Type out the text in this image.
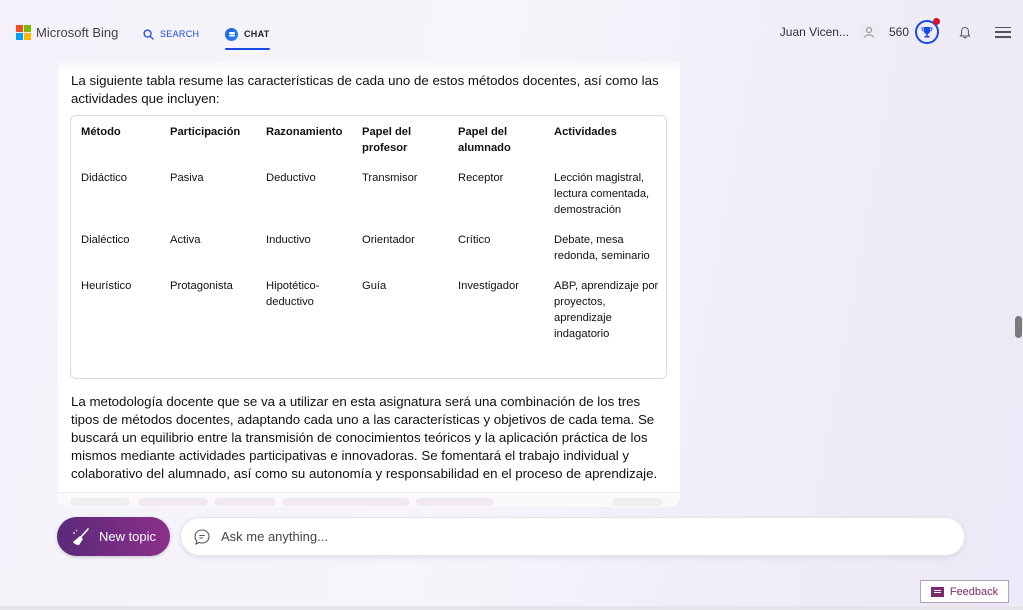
Microsoft Bing	SEARCH	CHAT	Juan Vicen...	560

La siguiente tabla resume las características de cada uno de estos métodos docentes, así como las actividades que incluyen:

Método	Participación	Razonamiento	Papel del profesor	Papel del alumnado	Actividades
Didáctico	Pasiva	Deductivo	Transmisor	Receptor	Lección magistral, lectura comentada, demostración
Dialéctico	Activa	Inductivo	Orientador	Crítico	Debate, mesa redonda, seminario
Heurístico	Protagonista	Hipotético-deductivo	Guía	Investigador	ABP, aprendizaje por proyectos, aprendizaje indagatorio

La metodología docente que se va a utilizar en esta asignatura será una combinación de los tres tipos de métodos docentes, adaptando cada uno a las características y objetivos de cada tema. Se buscará un equilibrio entre la transmisión de conocimientos teóricos y la aplicación práctica de los mismos mediante actividades participativas e innovadoras. Se fomentará el trabajo individual y colaborativo del alumnado, así como su autonomía y responsabilidad en el proceso de aprendizaje.

New topic
Ask me anything...
Feedback
